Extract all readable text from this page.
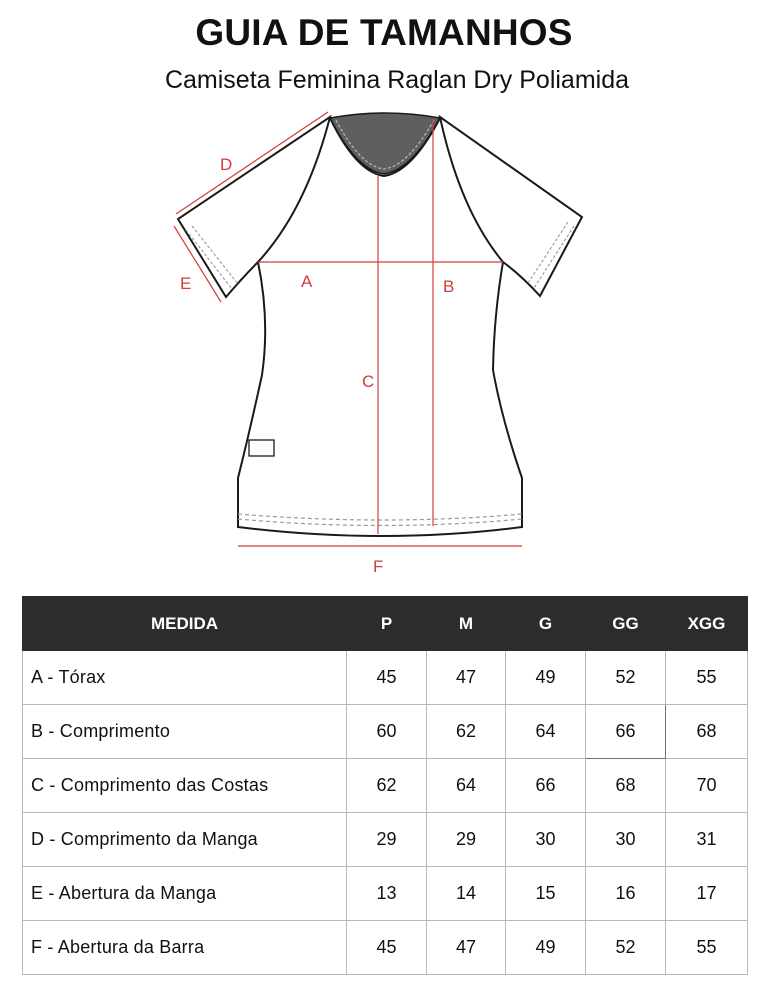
GUIA DE TAMANHOS
Camiseta Feminina Raglan Dry Poliamida
A	B
C
D
E
F
MEDIDA	P	M	G	GG	XGG
A - Tórax	45	47	49	52	55
B - Comprimento	60	62	64	66	68
C - Comprimento das Costas	62	64	66	68	70
D - Comprimento da Manga	29	29	30	30	31
E - Abertura da Manga	13	14	15	16	17
F - Abertura da Barra	45	47	49	52	55
